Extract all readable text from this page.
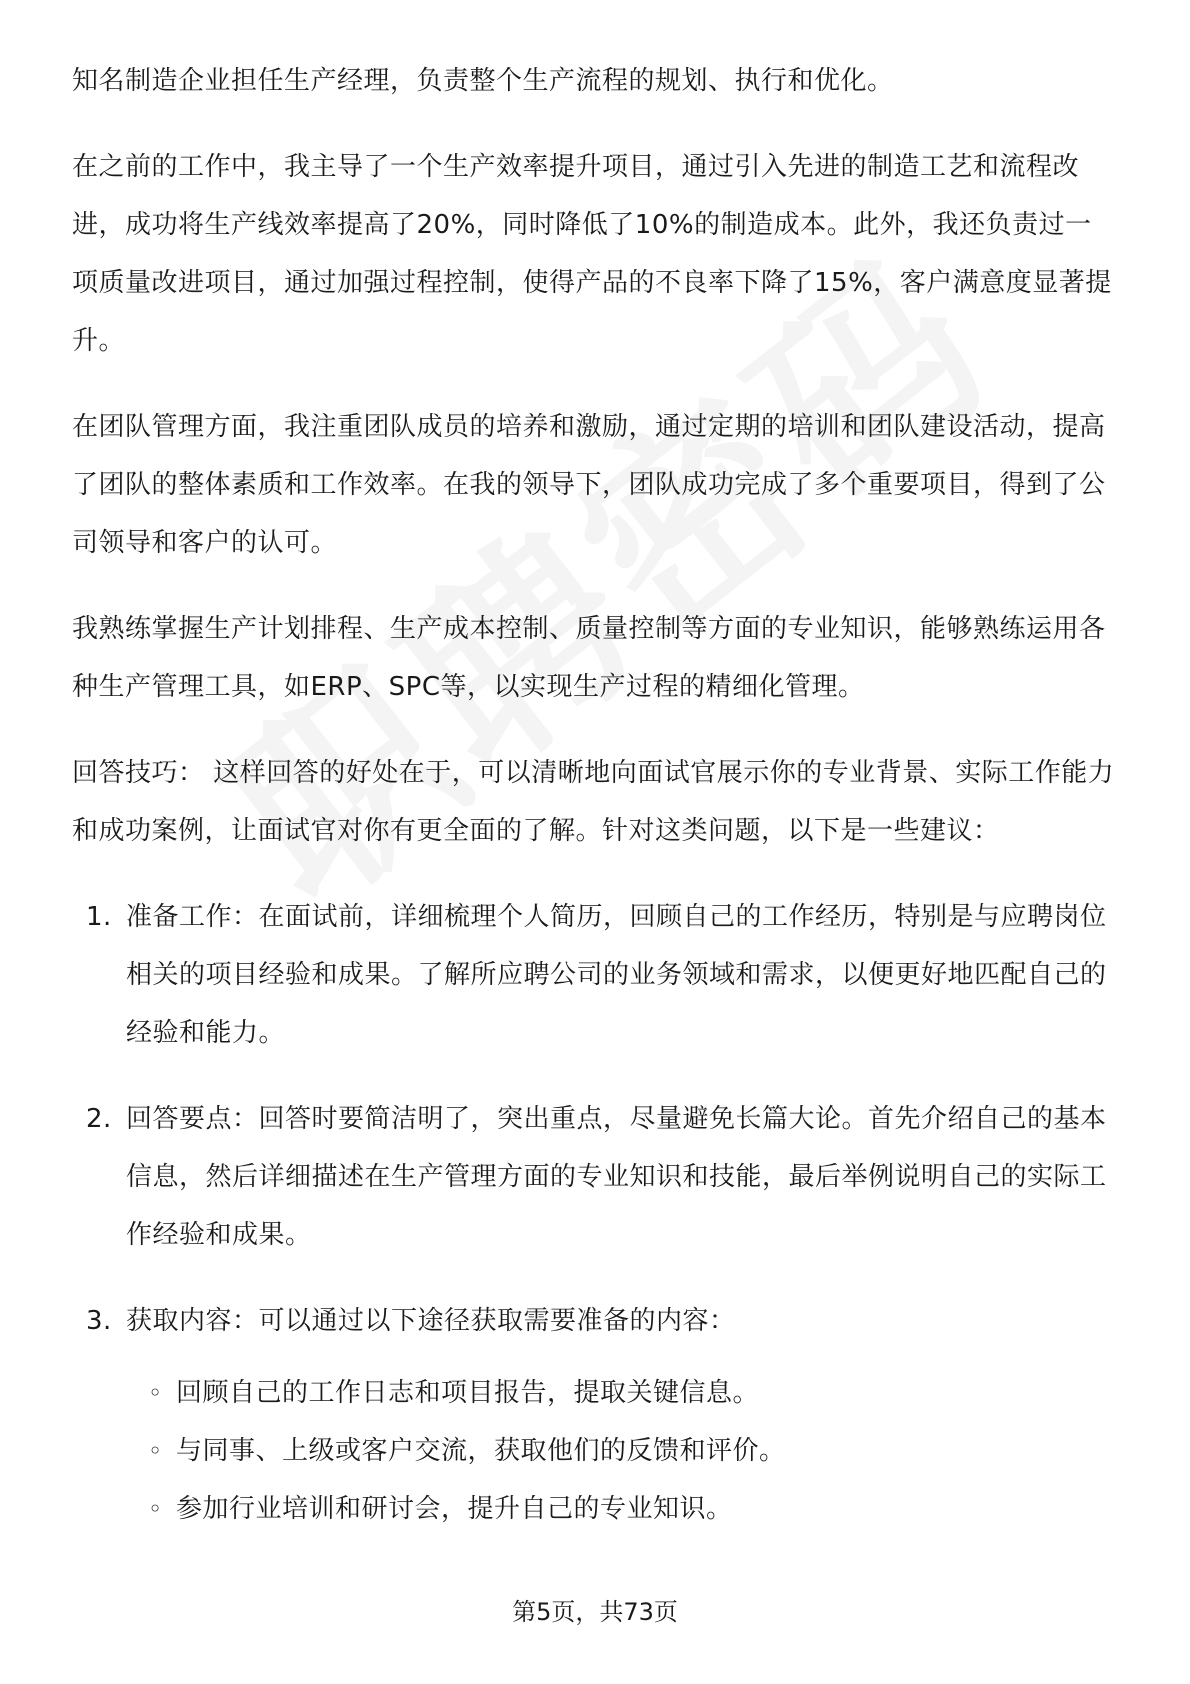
知名制造企业担任生产经理，负责整个生产流程的规划、执行和优化。

在之前的工作中，我主导了一个生产效率提升项目，通过引入先进的制造工艺和流程改进，成功将生产线效率提高了20%，同时降低了10%的制造成本。此外，我还负责过一项质量改进项目，通过加强过程控制，使得产品的不良率下降了15%，客户满意度显著提升。

在团队管理方面，我注重团队成员的培养和激励，通过定期的培训和团队建设活动，提高了团队的整体素质和工作效率。在我的领导下，团队成功完成了多个重要项目，得到了公司领导和客户的认可。

我熟练掌握生产计划排程、生产成本控制、质量控制等方面的专业知识，能够熟练运用各种生产管理工具，如ERP、SPC等，以实现生产过程的精细化管理。

回答技巧： 这样回答的好处在于，可以清晰地向面试官展示你的专业背景、实际工作能力和成功案例，让面试官对你有更全面的了解。针对这类问题，以下是一些建议：

1. 准备工作：在面试前，详细梳理个人简历，回顾自己的工作经历，特别是与应聘岗位相关的项目经验和成果。了解所应聘公司的业务领域和需求，以便更好地匹配自己的经验和能力。
2. 回答要点：回答时要简洁明了，突出重点，尽量避免长篇大论。首先介绍自己的基本信息，然后详细描述在生产管理方面的专业知识和技能，最后举例说明自己的实际工作经验和成果。
3. 获取内容：可以通过以下途径获取需要准备的内容：
◦ 回顾自己的工作日志和项目报告，提取关键信息。
◦ 与同事、上级或客户交流，获取他们的反馈和评价。
◦ 参加行业培训和研讨会，提升自己的专业知识。
第5页，共73页
